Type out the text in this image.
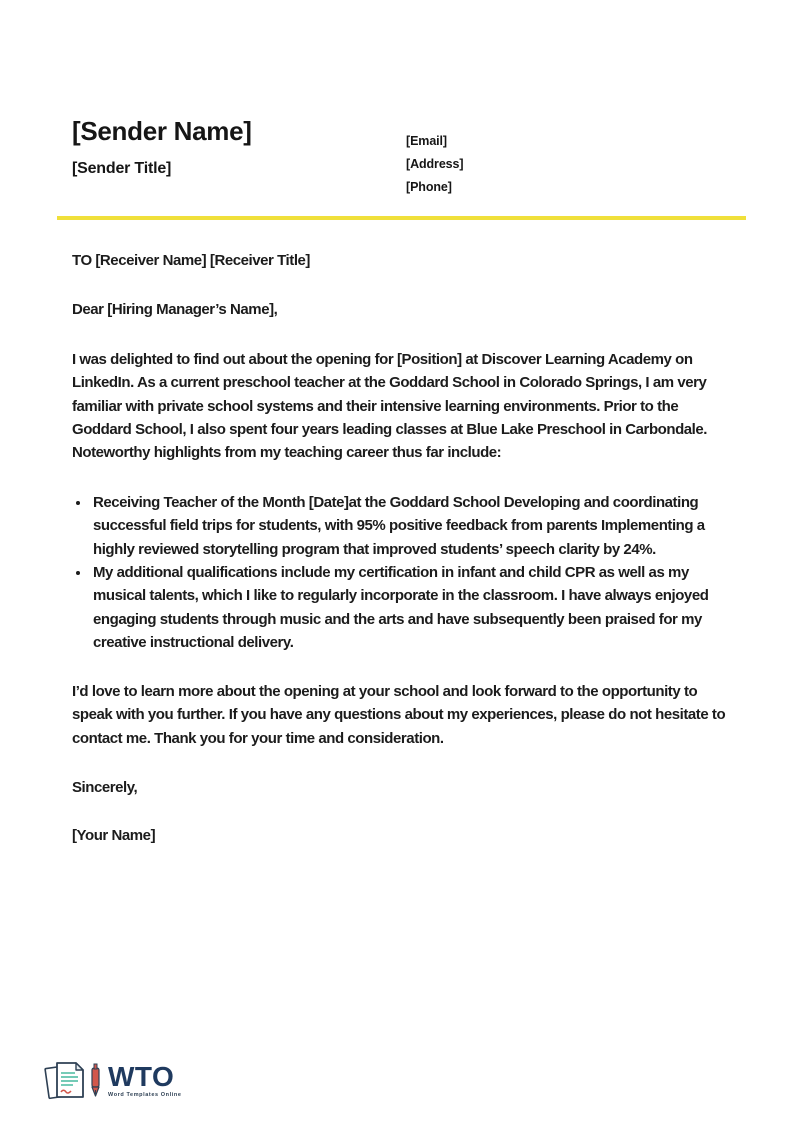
[Sender Name]
[Sender Title]
[Email]
[Address]
[Phone]

TO [Receiver Name] [Receiver Title]

Dear [Hiring Manager’s Name],

I was delighted to find out about the opening for [Position] at Discover Learning Academy on LinkedIn. As a current preschool teacher at the Goddard School in Colorado Springs, I am very familiar with private school systems and their intensive learning environments. Prior to the Goddard School, I also spent four years leading classes at Blue Lake Preschool in Carbondale. Noteworthy highlights from my teaching career thus far include:

• Receiving Teacher of the Month [Date]at the Goddard School Developing and coordinating successful field trips for students, with 95% positive feedback from parents Implementing a highly reviewed storytelling program that improved students’ speech clarity by 24%.
• My additional qualifications include my certification in infant and child CPR as well as my musical talents, which I like to regularly incorporate in the classroom. I have always enjoyed engaging students through music and the arts and have subsequently been praised for my creative instructional delivery.

I’d love to learn more about the opening at your school and look forward to the opportunity to speak with you further. If you have any questions about my experiences, please do not hesitate to contact me. Thank you for your time and consideration.

Sincerely,

[Your Name]

WTO
Word Templates Online
